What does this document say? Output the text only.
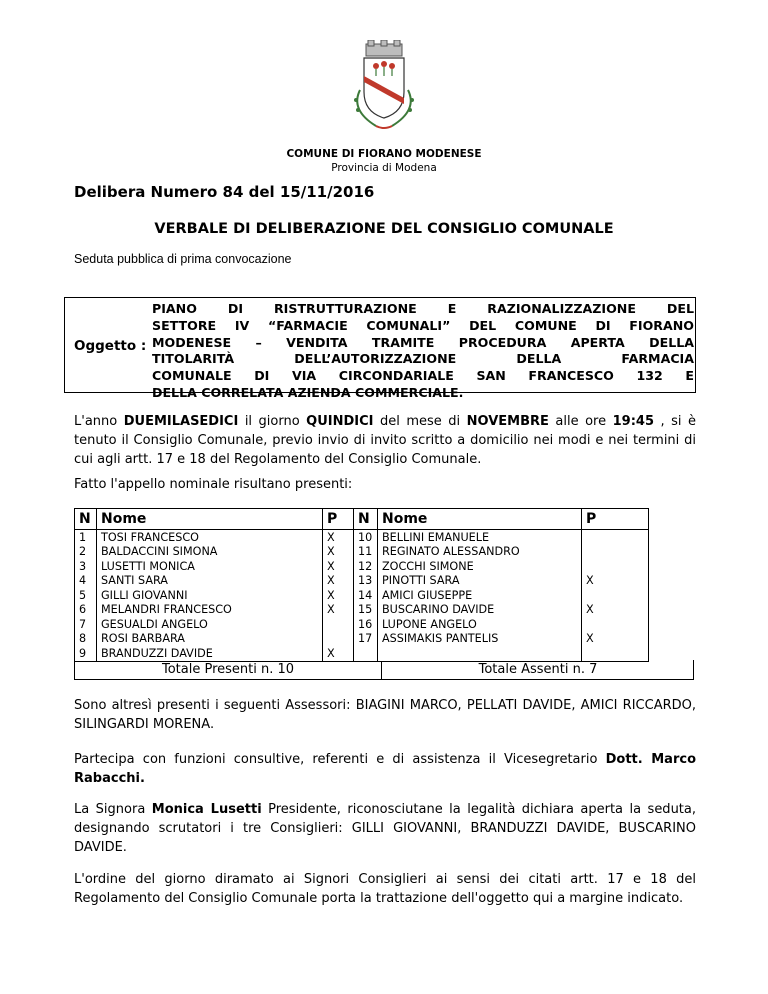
COMUNE DI FIORANO MODENESE
Provincia di Modena
Delibera Numero 84 del 15/11/2016
VERBALE DI DELIBERAZIONE DEL CONSIGLIO COMUNALE
Seduta pubblica di prima convocazione
Oggetto :
PIANO DI RISTRUTTURAZIONE E RAZIONALIZZAZIONE DEL
SETTORE IV “FARMACIE COMUNALI” DEL COMUNE DI FIORANO
MODENESE – VENDITA TRAMITE PROCEDURA APERTA DELLA
TITOLARITÀ DELL’AUTORIZZAZIONE DELLA FARMACIA
COMUNALE DI VIA CIRCONDARIALE SAN FRANCESCO 132 E
DELLA CORRELATA AZIENDA COMMERCIALE.
L'anno DUEMILASEDICI il giorno QUINDICI del mese di NOVEMBRE alle ore 19:45 , si è tenuto il Consiglio Comunale, previo invio di invito scritto a domicilio nei modi e nei termini di cui agli artt. 17 e 18 del Regolamento del Consiglio Comunale.
Fatto l'appello nominale risultano presenti:
N	Nome	P	N	Nome	P
1	TOSI FRANCESCO	X	10	BELLINI EMANUELE	
2	BALDACCINI SIMONA	X	11	REGINATO ALESSANDRO	
3	LUSETTI MONICA	X	12	ZOCCHI SIMONE	
4	SANTI SARA	X	13	PINOTTI SARA	X
5	GILLI GIOVANNI	X	14	AMICI GIUSEPPE	
6	MELANDRI FRANCESCO	X	15	BUSCARINO DAVIDE	X
7	GESUALDI ANGELO		16	LUPONE ANGELO	
8	ROSI BARBARA		17	ASSIMAKIS PANTELIS	X
9	BRANDUZZI DAVIDE	X			
Totale Presenti n. 10	Totale Assenti n. 7
Sono altresì presenti i seguenti Assessori: BIAGINI MARCO, PELLATI DAVIDE, AMICI RICCARDO, SILINGARDI MORENA.
Partecipa con funzioni consultive, referenti e di assistenza il Vicesegretario Dott. Marco Rabacchi.
La Signora Monica Lusetti Presidente, riconosciutane la legalità dichiara aperta la seduta, designando scrutatori i tre Consiglieri: GILLI GIOVANNI, BRANDUZZI DAVIDE, BUSCARINO DAVIDE.
L'ordine del giorno diramato ai Signori Consiglieri ai sensi dei citati artt. 17 e 18 del Regolamento del Consiglio Comunale porta la trattazione dell'oggetto qui a margine indicato.
